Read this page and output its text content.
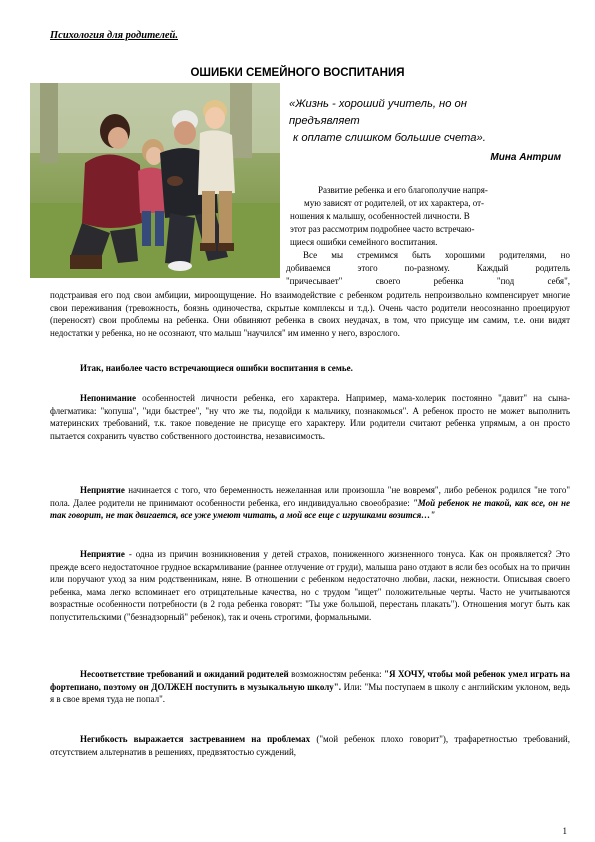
Психология для родителей.
ОШИБКИ СЕМЕЙНОГО ВОСПИТАНИЯ
«Жизнь - хороший учитель, но он
предъявляет
к оплате слишком большие счета».
Мина Антрим
Развитие ребенка и его благополучие напря-
мую зависят от родителей, от их характера, от-
ношения к малышу, особенностей личности. В
этот раз рассмотрим подробнее часто встречаю-
щиеся ошибки семейного воспитания.
Все мы стремимся быть хорошими родителями, но
добиваемся этого по-разному. Каждый родитель
"причесывает" своего ребенка "под себя",

подстраивая его под свои амбиции, мироощущение. Но взаимодействие с ребенком родитель непроизвольно компенсирует многие свои переживания (тревожность, боязнь одиночества, скрытые комплексы и т.д.). Очень часто родители неосознанно проецируют (переносят) свои проблемы на ребенка. Они обвиняют ребенка в своих неудачах, в том, что присуще им самим, т.е. они видят недостатки у ребенка, но не осознают, что малыш "научился" им именно у него, взрослого.

Итак, наиболее часто встречающиеся ошибки воспитания в семье.

Непонимание особенностей личности ребенка, его характера. Например, мама-холерик постоянно "давит" на сына-флегматика: "копуша", "иди быстрее", "ну что же ты, подойди к мальчику, познакомься". А ребенок просто не может выполнить материнских требований, т.к. такое поведение не присуще его характеру. Или родители считают ребенка упрямым, а он просто пытается сохранить чувство собственного достоинства, независимость.

Неприятие начинается с того, что беременность нежеланная или произошла "не вовремя", либо ребенок родился "не того" пола. Далее родители не принимают особенности ребенка, его индивидуально своеобразие: "Мой ребенок не такой, как все, он не так говорит, не так двигается, все уже умеют читать, а мой все еще с игрушками возится…"

Неприятие - одна из причин возникновения у детей страхов, пониженного жизненного тонуса. Как он проявляется? Это прежде всего недостаточное грудное вскармливание (раннее отлучение от груди), малыша рано отдают в ясли без особых на то причин или поручают уход за ним родственникам, няне. В отношении с ребенком недостаточно любви, ласки, нежности. Описывая своего ребенка, мама легко вспоминает его отрицательные качества, но с трудом "ищет" положительные черты. Часто не учитываются возрастные особенности потребности (в 2 года ребенка говорят: "Ты уже большой, перестань плакать"). Отношения могут быть как попустительскими ("безнадзорный" ребенок), так и очень строгими, формальными.

Несоответствие требований и ожиданий родителей возможностям ребенка: "Я ХОЧУ, чтобы мой ребенок умел играть на фортепиано, поэтому он ДОЛЖЕН поступить в музыкальную школу". Или: "Мы поступаем в школу с английским уклоном, ведь я в свое время туда не попал".

Негибкость выражается застреванием на проблемах ("мой ребенок плохо говорит"), трафаретностью требований, отсутствием альтернатив в решениях, предвзятостью суждений,

1
